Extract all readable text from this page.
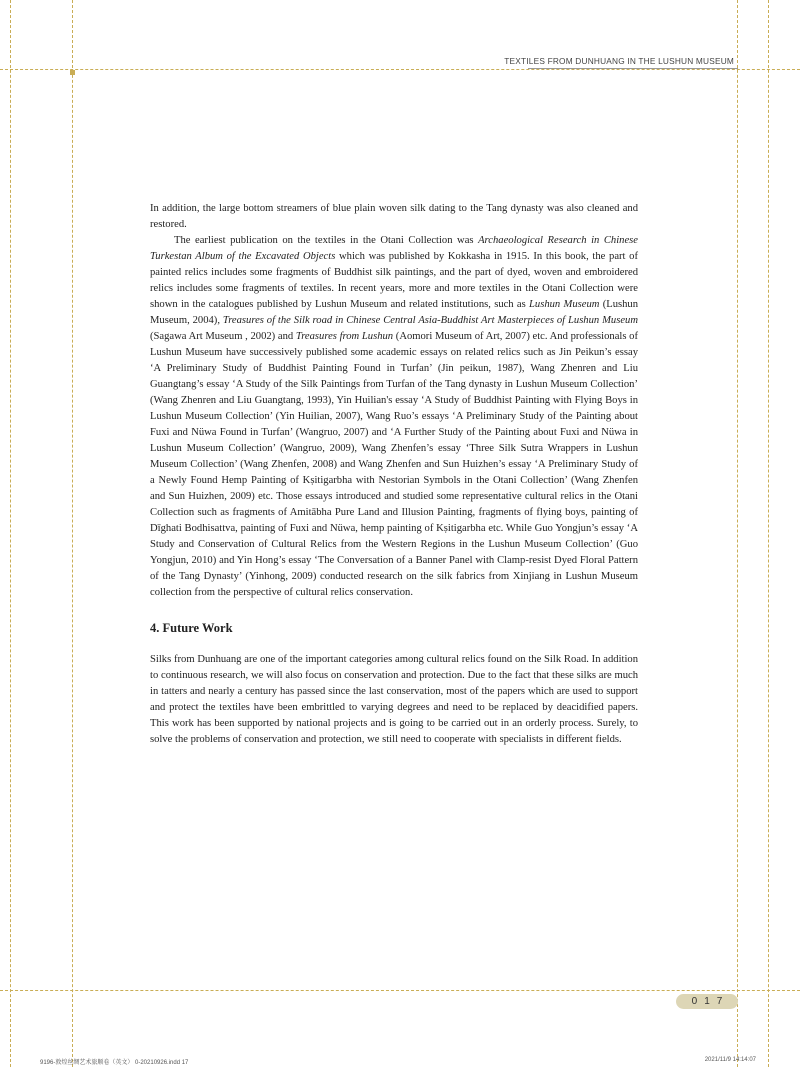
TEXTILES FROM DUNHUANG IN THE LUSHUN MUSEUM

In addition, the large bottom streamers of blue plain woven silk dating to the Tang dynasty was also cleaned and restored.

The earliest publication on the textiles in the Otani Collection was Archaeological Research in Chinese Turkestan Album of the Excavated Objects which was published by Kokkasha in 1915. In this book, the part of painted relics includes some fragments of Buddhist silk paintings, and the part of dyed, woven and embroidered relics includes some fragments of textiles. In recent years, more and more textiles in the Otani Collection were shown in the catalogues published by Lushun Museum and related institutions, such as Lushun Museum (Lushun Museum, 2004), Treasures of the Silk road in Chinese Central Asia-Buddhist Art Masterpieces of Lushun Museum (Sagawa Art Museum , 2002) and Treasures from Lushun (Aomori Museum of Art, 2007) etc. And professionals of Lushun Museum have successively published some academic essays on related relics such as Jin Peikun’s essay ‘A Preliminary Study of Buddhist Painting Found in Turfan’ (Jin peikun, 1987), Wang Zhenren and Liu Guangtang’s essay ‘A Study of the Silk Paintings from Turfan of the Tang dynasty in Lushun Museum Collection’ (Wang Zhenren and Liu Guangtang, 1993), Yin Huilian's essay ‘A Study of Buddhist Painting with Flying Boys in Lushun Museum Collection’ (Yin Huilian, 2007), Wang Ruo’s essays ‘A Preliminary Study of the Painting about Fuxi and Nüwa Found in Turfan’ (Wangruo, 2007) and ‘A Further Study of the Painting about Fuxi and Nüwa in Lushun Museum Collection’ (Wangruo, 2009), Wang Zhenfen’s essay ‘Three Silk Sutra Wrappers in Lushun Museum Collection’ (Wang Zhenfen, 2008) and Wang Zhenfen and Sun Huizhen’s essay ‘A Preliminary Study of a Newly Found Hemp Painting of Kṣitigarbha with Nestorian Symbols in the Otani Collection’ (Wang Zhenfen and Sun Huizhen, 2009) etc. Those essays introduced and studied some representative cultural relics in the Otani Collection such as fragments of Amitābha Pure Land and Illusion Painting, fragments of flying boys, painting of Dīghati Bodhisattva, painting of Fuxi and Nüwa, hemp painting of Kṣitigarbha etc. While Guo Yongjun’s essay ‘A Study and Conservation of Cultural Relics from the Western Regions in the Lushun Museum Collection’ (Guo Yongjun, 2010) and Yin Hong’s essay ‘The Conversation of a Banner Panel with Clamp-resist Dyed Floral Pattern of the Tang Dynasty’ (Yinhong, 2009) conducted research on the silk fabrics from Xinjiang in Lushun Museum collection from the perspective of cultural relics conservation.

4. Future Work

Silks from Dunhuang are one of the important categories among cultural relics found on the Silk Road. In addition to continuous research, we will also focus on conservation and protection. Due to the fact that these silks are much in tatters and nearly a century has passed since the last conservation, most of the papers which are used to support and protect the textiles have been embrittled to varying degrees and need to be replaced by deacidified papers. This work has been supported by national projects and is going to be carried out in an orderly process. Surely, to solve the problems of conservation and protection, we still need to cooperate with specialists in different fields.

017
9196-敦煌丝绸艺术旅顺卷（英文） 0-20210926.indd 17	2021/11/9 14:14:07
